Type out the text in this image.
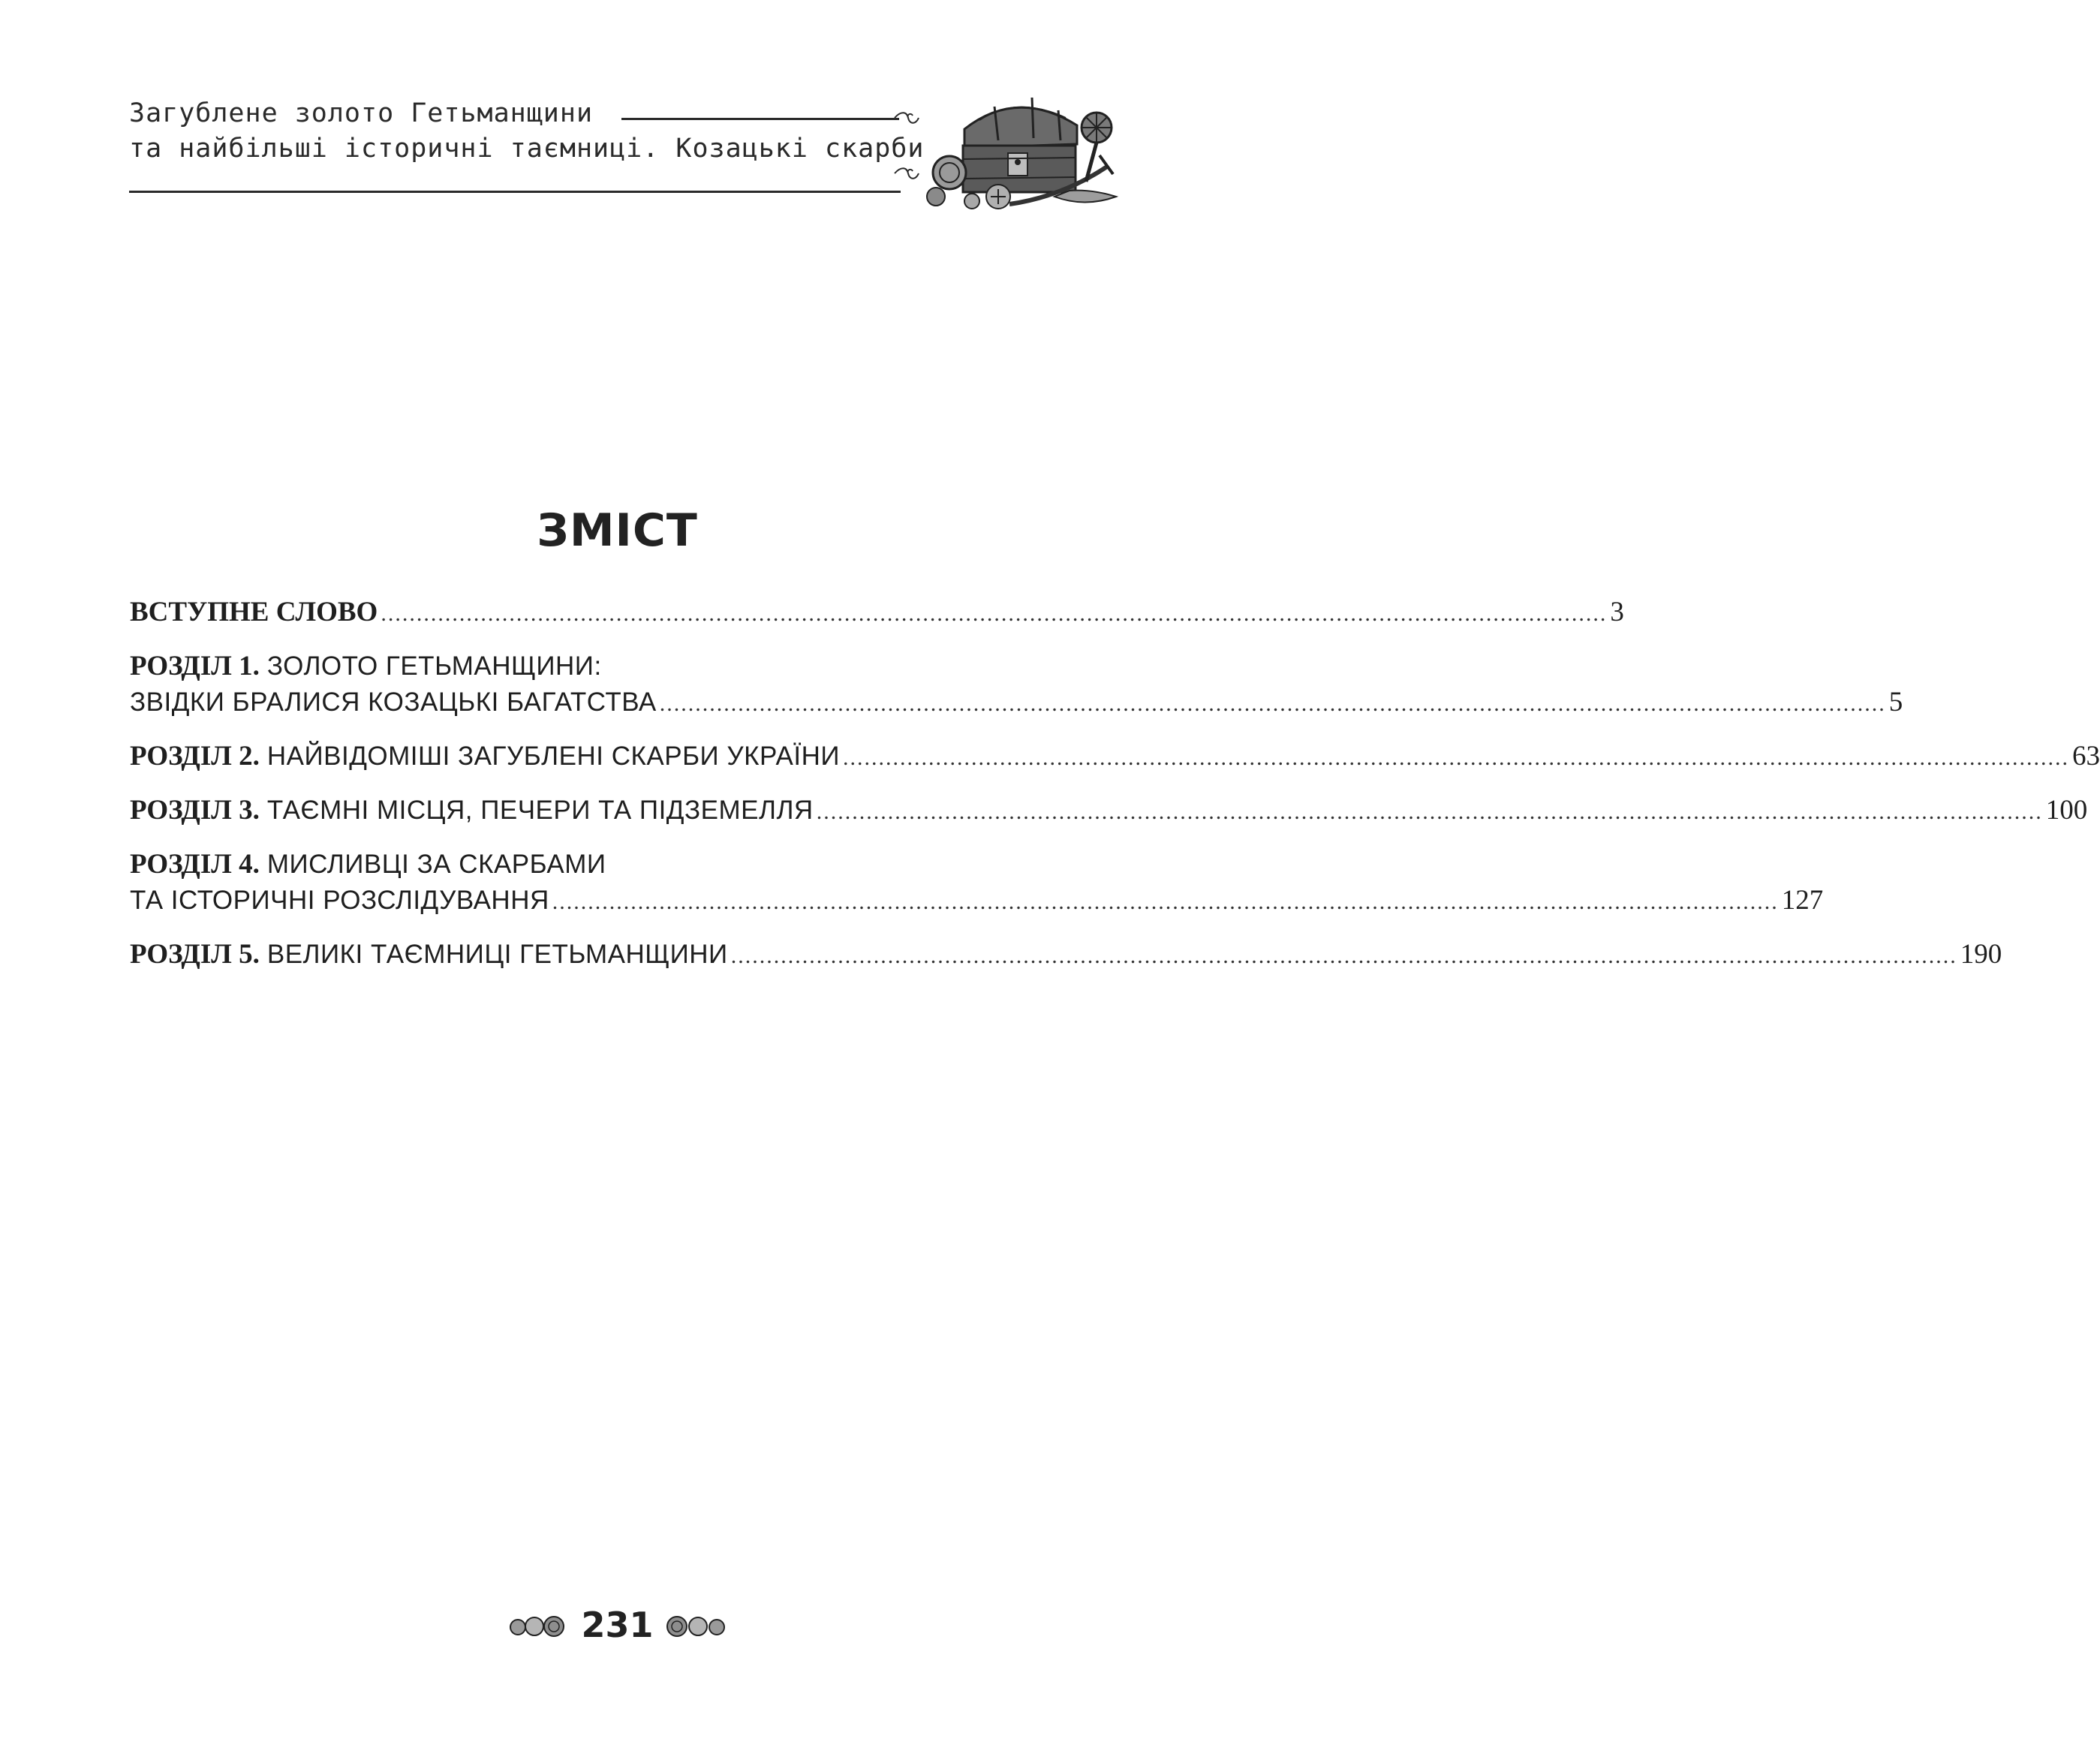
Загублене золото Гетьманщини
та найбільші історичні таємниці. Козацькі скарби
ЗМІСТ
ВСТУПНЕ СЛОВО ............................................................................................................................................................................ 3
РОЗДІЛ 1. ЗОЛОТО ГЕТЬМАНЩИНИ:
ЗВІДКИ БРАЛИСЯ КОЗАЦЬКІ БАГАТСТВА ............................................................................................................................................................................ 5
РОЗДІЛ 2. НАЙВІДОМІШІ ЗАГУБЛЕНІ СКАРБИ УКРАЇНИ ............................................................................................................................................................................ 63
РОЗДІЛ 3. ТАЄМНІ МІСЦЯ, ПЕЧЕРИ ТА ПІДЗЕМЕЛЛЯ ............................................................................................................................................................................ 100
РОЗДІЛ 4. МИСЛИВЦІ ЗА СКАРБАМИ
ТА ІСТОРИЧНІ РОЗСЛІДУВАННЯ ............................................................................................................................................................................ 127
РОЗДІЛ 5. ВЕЛИКІ ТАЄМНИЦІ ГЕТЬМАНЩИНИ ............................................................................................................................................................................ 190
231
